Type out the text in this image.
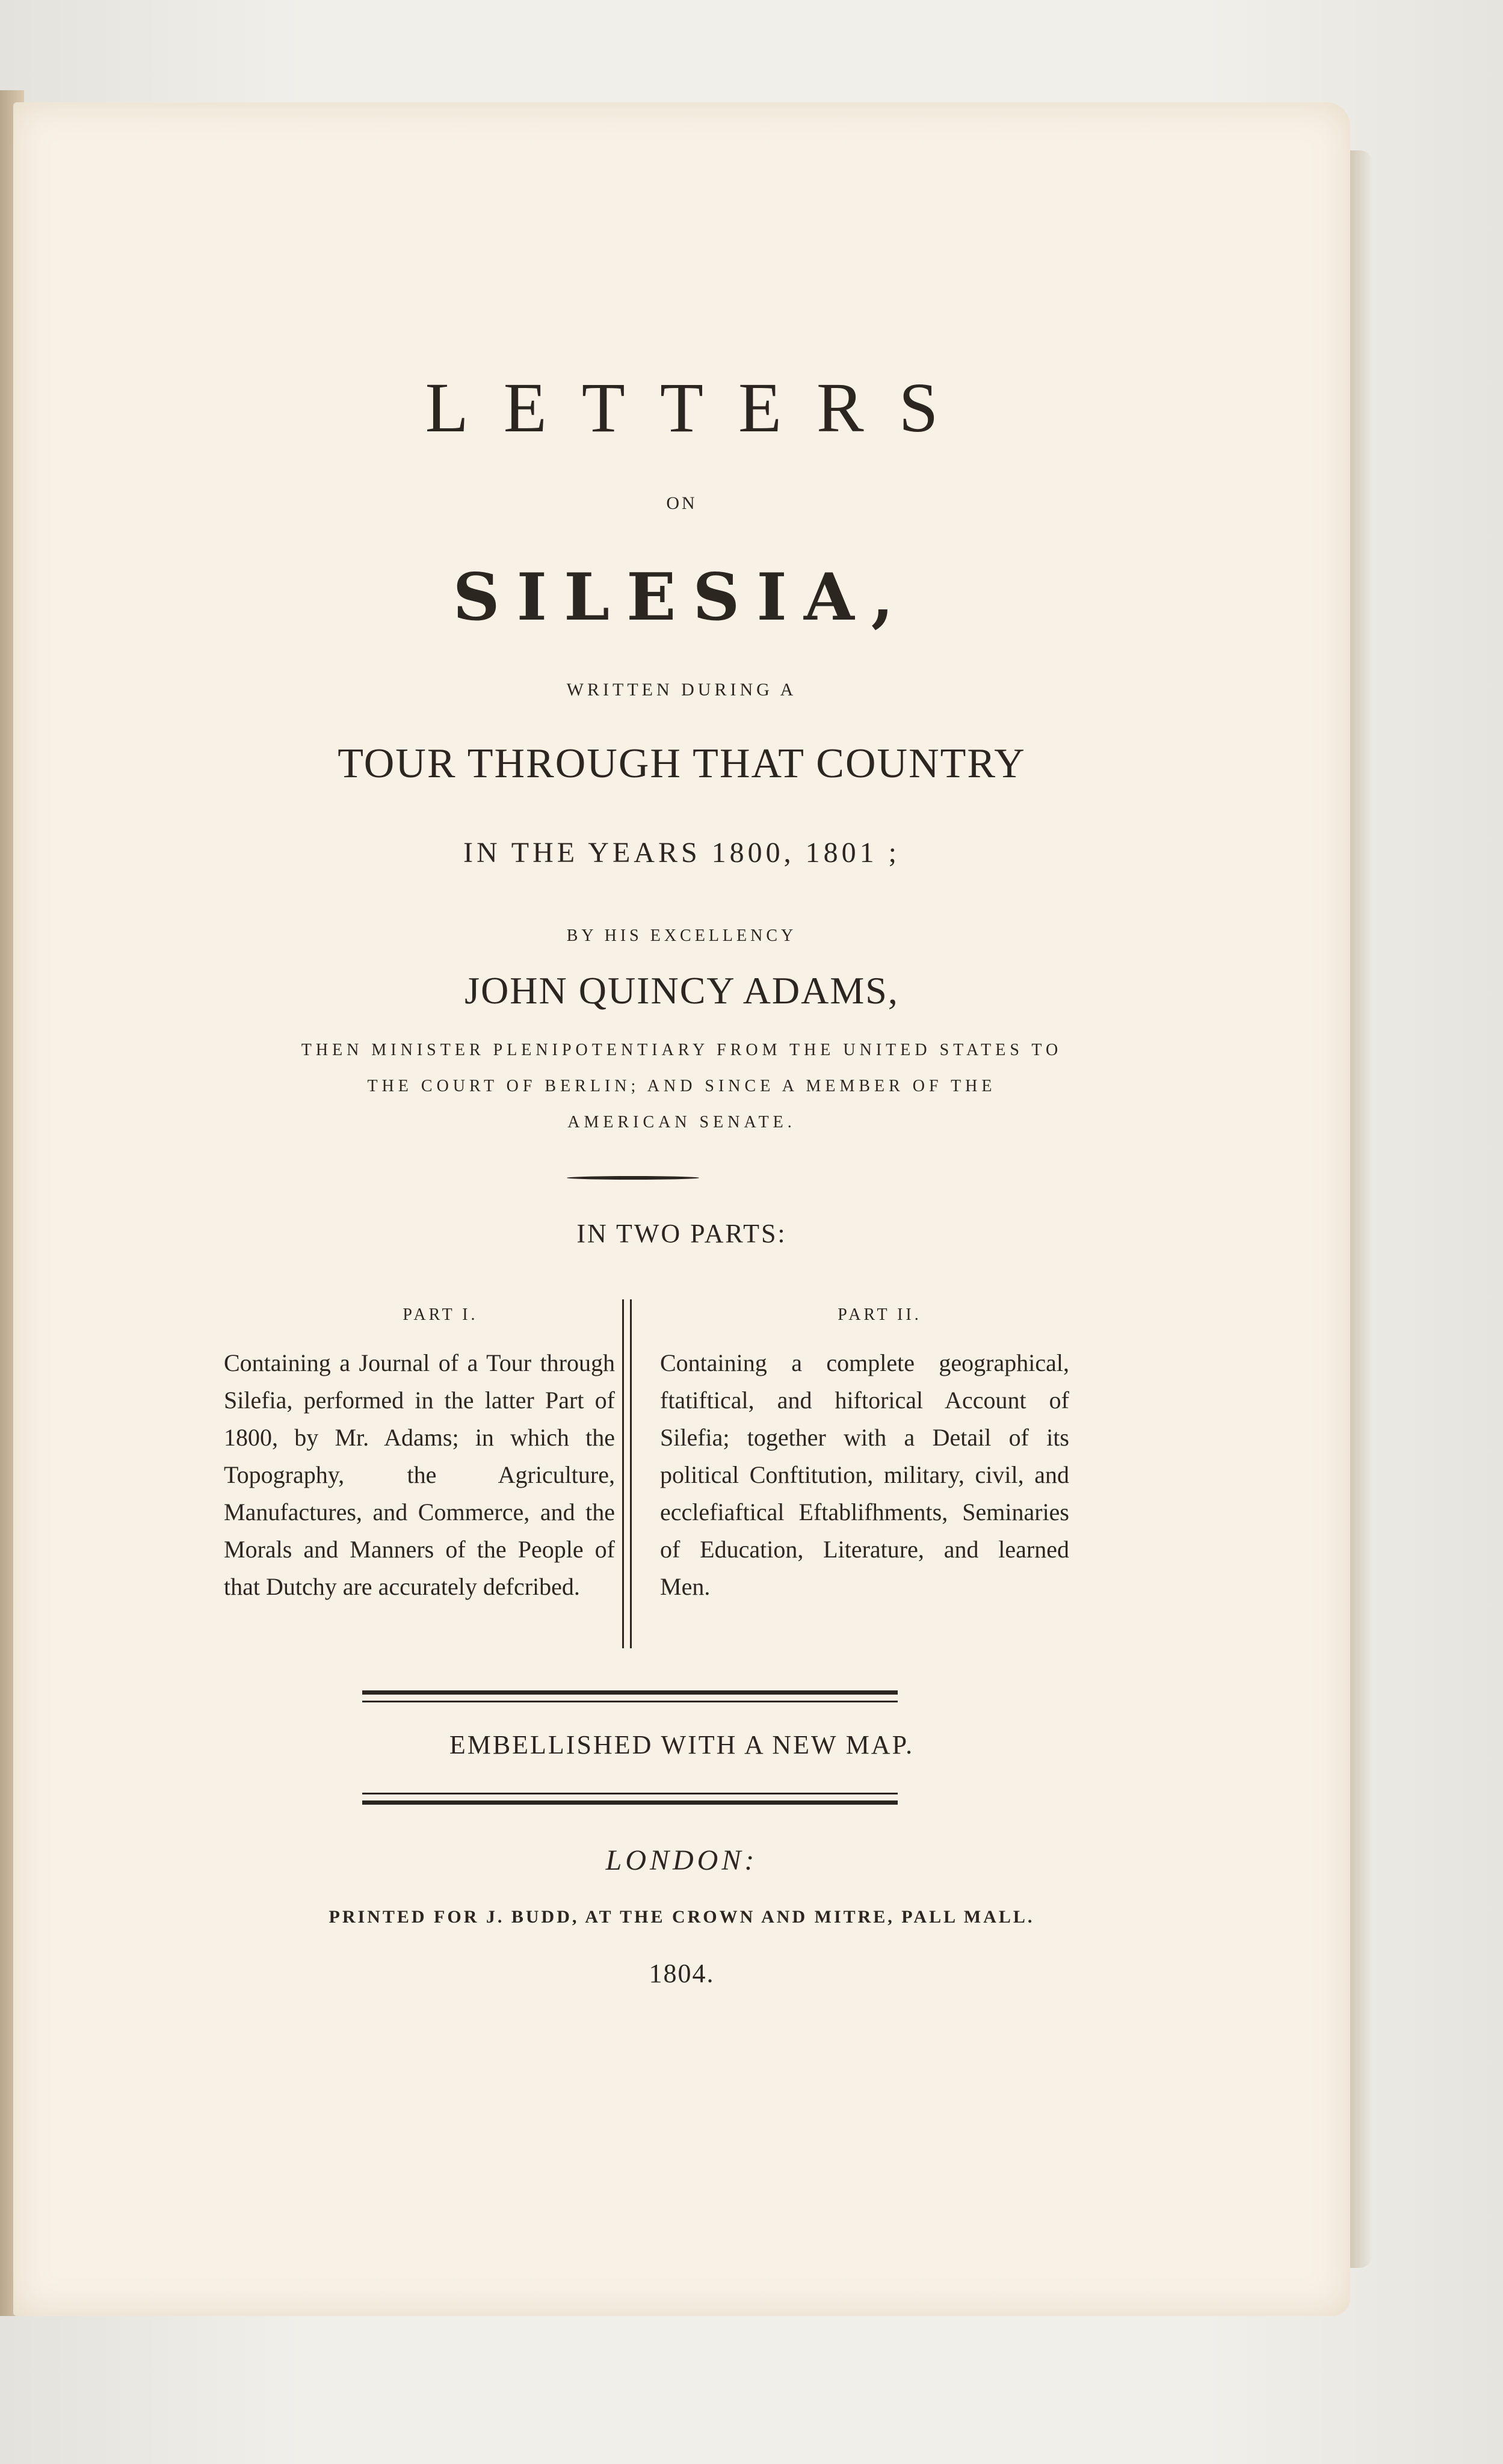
LETTERS
ON
SILESIA,
WRITTEN DURING A
TOUR THROUGH THAT COUNTRY
IN THE YEARS 1800, 1801 ;
BY HIS EXCELLENCY
JOHN QUINCY ADAMS,
THEN MINISTER PLENIPOTENTIARY FROM THE UNITED STATES TO
THE COURT OF BERLIN; AND SINCE A MEMBER OF THE
AMERICAN SENATE.
IN TWO PARTS:
PART I.	PART II.
Containing a Journal of a Tour through Silefia, performed in the latter Part of 1800, by Mr. Adams; in which the Topography, the Agriculture, Manufactures, and Commerce, and the Morals and Manners of the People of that Dutchy are accurately defcribed.
Containing a complete geographical, ftatiftical, and hiftorical Account of Silefia; together with a Detail of its political Conftitution, military, civil, and ecclefiaftical Eftablifhments, Seminaries of Education, Literature, and learned Men.
EMBELLISHED WITH A NEW MAP.
LONDON:
PRINTED FOR J. BUDD, AT THE CROWN AND MITRE, PALL MALL.
1804.
